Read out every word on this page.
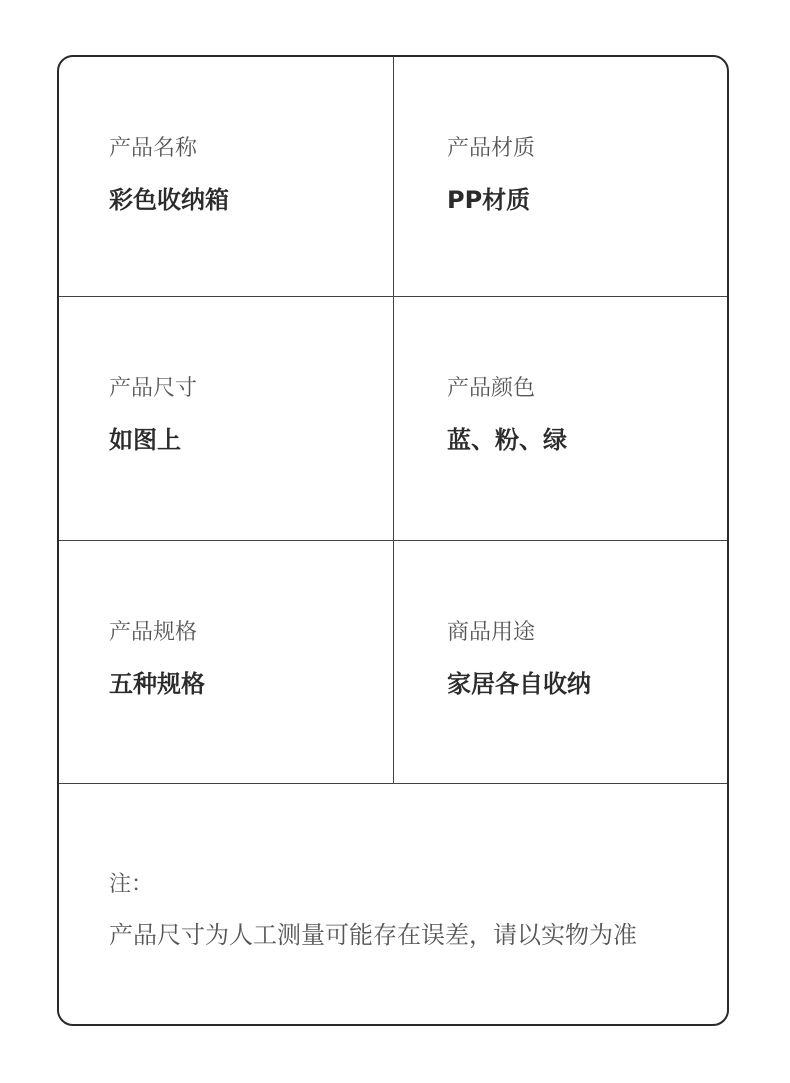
产品名称
彩色收纳箱
产品材质
PP材质
产品尺寸
如图上
产品颜色
蓝、粉、绿
产品规格
五种规格
商品用途
家居各自收纳
注：
产品尺寸为人工测量可能存在误差，请以实物为准
